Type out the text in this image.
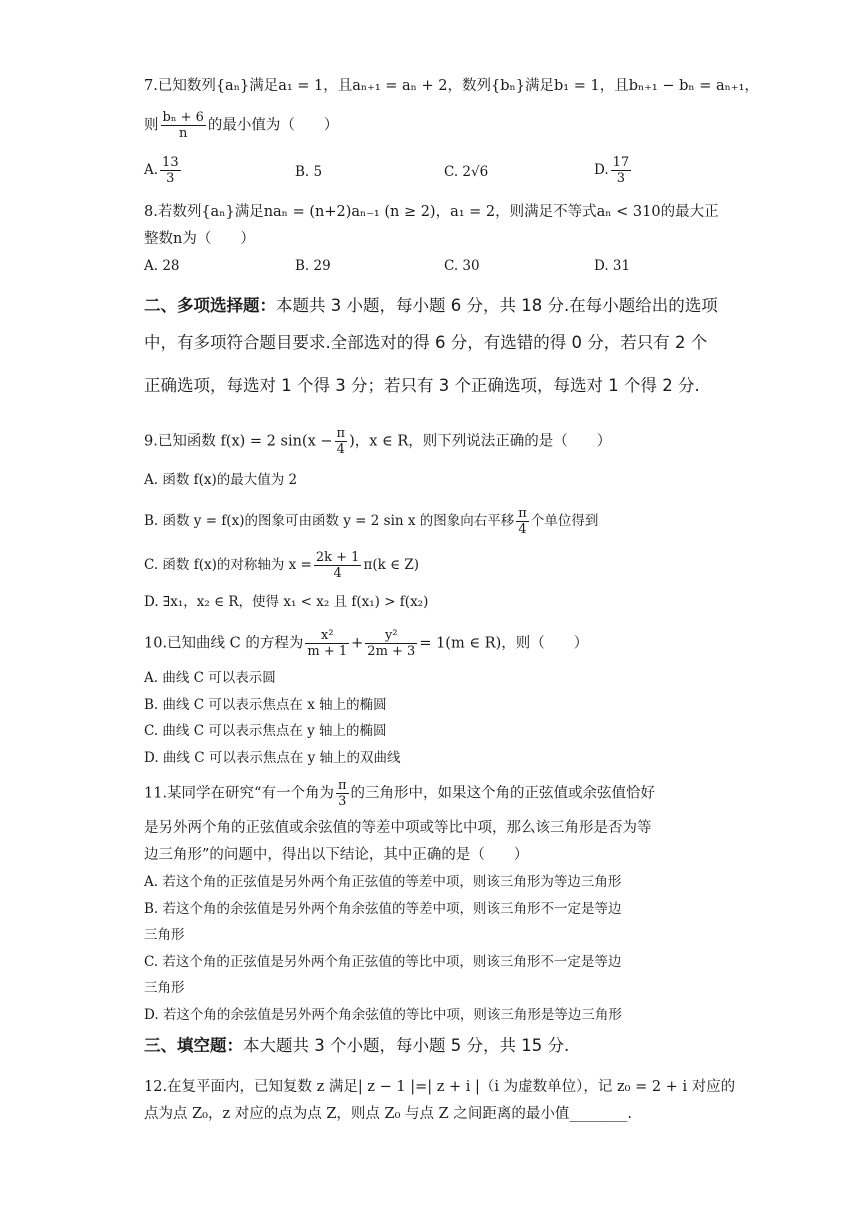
7.已知数列{aₙ}满足a₁ = 1，且aₙ₊₁ = aₙ + 2，数列{bₙ}满足b₁ = 1，且bₙ₊₁ − bₙ = aₙ₊₁，
则 $\frac{\text{bₙ + 6}}{n}$ 的最小值为（　　）
A. $\frac{13}{3}$	B. 5	C. 2√6	D. $\frac{17}{3}$
8.若数列{aₙ}满足naₙ = (n+2)aₙ₋₁ (n ≥ 2)，a₁ = 2，则满足不等式aₙ < 310的最大正
整数n为（　　）
A. 28	B. 29	C. 30	D. 31
二、多项选择题：本题共 3 小题，每小题 6 分，共 18 分.在每小题给出的选项
中，有多项符合题目要求.全部选对的得 6 分，有选错的得 0 分，若只有 2 个
正确选项，每选对 1 个得 3 分；若只有 3 个正确选项，每选对 1 个得 2 分.
9.已知函数 f(x) = 2 $\sin(x - \frac{\pi}{4}$ )，x ∈ R，则下列说法正确的是（　　）
A. 函数 f(x)的最大值为 2
B. 函数 y = f(x)的图象可由函数 y = 2 sin x 的图象向右平移 $\frac{\pi}{4}$ 个单位得到
C. 函数 f(x)的对称轴为 $x = \frac{2k + 1}{4} \pi(k$ ∈ Z)
D. ∃x₁，x₂ ∈ R，使得 x₁ < x₂ 且 f(x₁) > f(x₂)
10.已知曲线 C 的方程为 $\frac{\text{x²}}{m + 1} + \frac{\text{y²}}{2m + 3} = 1(m$ ∈ R)，则（　　）
A. 曲线 C 可以表示圆
B. 曲线 C 可以表示焦点在 x 轴上的椭圆
C. 曲线 C 可以表示焦点在 y 轴上的椭圆
D. 曲线 C 可以表示焦点在 y 轴上的双曲线
11.某同学在研究“有一个角为 $\frac{\pi}{3}$ 的三角形中，如果这个角的正弦值或余弦值恰好
是另外两个角的正弦值或余弦值的等差中项或等比中项，那么该三角形是否为等
边三角形”的问题中，得出以下结论，其中正确的是（　　）
A. 若这个角的正弦值是另外两个角正弦值的等差中项，则该三角形为等边三角形
B. 若这个角的余弦值是另外两个角余弦值的等差中项，则该三角形不一定是等边
三角形
C. 若这个角的正弦值是另外两个角正弦值的等比中项，则该三角形不一定是等边
三角形
D. 若这个角的余弦值是另外两个角余弦值的等比中项，则该三角形是等边三角形
三、填空题：本大题共 3 个小题，每小题 5 分，共 15 分.
12.在复平面内，已知复数 z 满足| z − 1 |=| z + i |（i 为虚数单位），记 z₀ = 2 + i 对应的
点为点 Z₀，z 对应的点为点 Z，则点 Z₀ 与点 Z 之间距离的最小值________.
